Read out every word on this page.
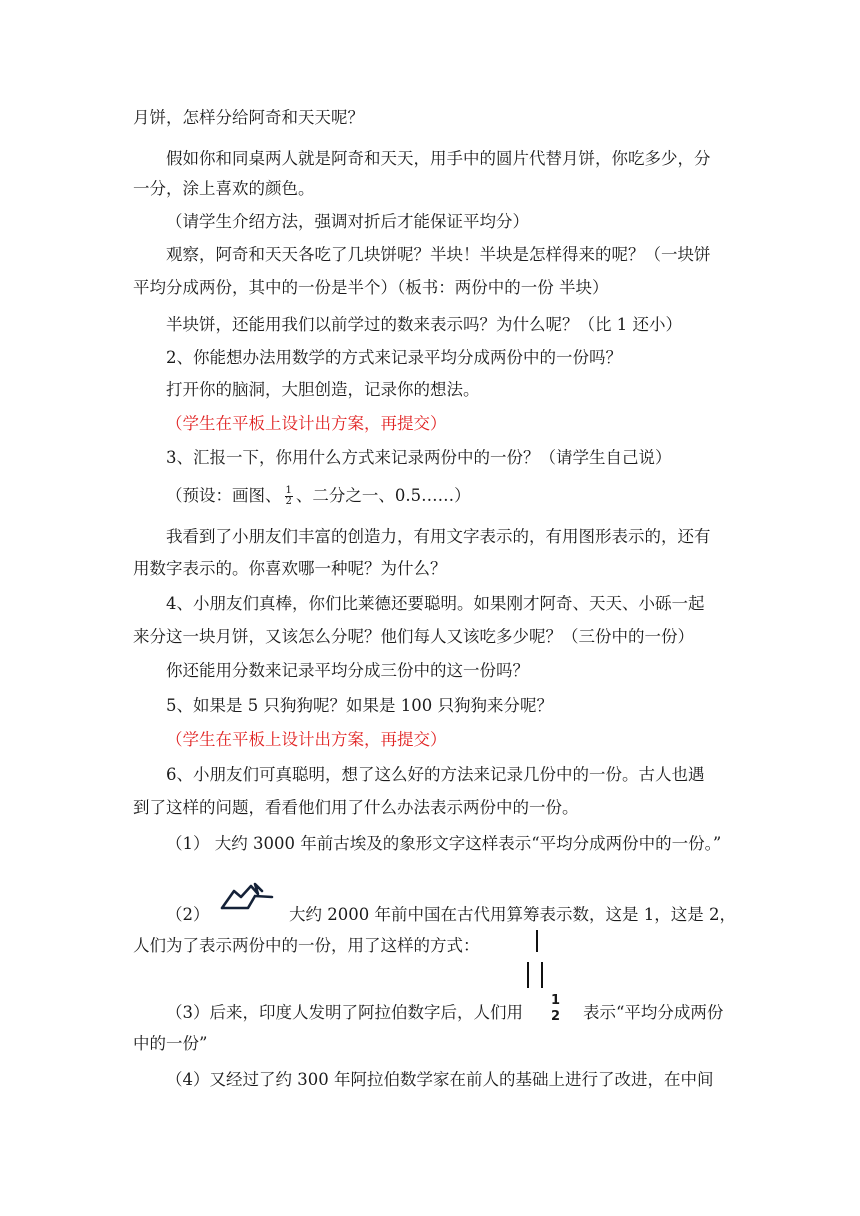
月饼，怎样分给阿奇和天天呢？
假如你和同桌两人就是阿奇和天天，用手中的圆片代替月饼，你吃多少，分
一分，涂上喜欢的颜色。
（请学生介绍方法，强调对折后才能保证平均分）
观察，阿奇和天天各吃了几块饼呢？半块！半块是怎样得来的呢？（一块饼
平均分成两份，其中的一份是半个）（板书：两份中的一份 半块）
半块饼，还能用我们以前学过的数来表示吗？为什么呢？（比 1 还小）
2、你能想办法用数学的方式来记录平均分成两份中的一份吗？
打开你的脑洞，大胆创造，记录你的想法。
（学生在平板上设计出方案，再提交）
3、汇报一下，你用什么方式来记录两份中的一份？（请学生自己说）
（预设：画图、 $\frac{1}{2}$ 、二分之一、0.5……）
我看到了小朋友们丰富的创造力，有用文字表示的，有用图形表示的，还有
用数字表示的。你喜欢哪一种呢？为什么？
4、小朋友们真棒，你们比莱德还要聪明。如果刚才阿奇、天天、小砾一起
来分这一块月饼，又该怎么分呢？他们每人又该吃多少呢？（三份中的一份）
你还能用分数来记录平均分成三份中的这一份吗？
5、如果是 5 只狗狗呢？如果是 100 只狗狗来分呢？
（学生在平板上设计出方案，再提交）
6、小朋友们可真聪明，想了这么好的方法来记录几份中的一份。古人也遇
到了这样的问题，看看他们用了什么办法表示两份中的一份。
（1） 大约 3000 年前古埃及的象形文字这样表示“平均分成两份中的一份。”
（2）	大约 2000 年前中国在古代用算筹表示数，这是 1，这是 2，
人们为了表示两份中的一份，用了这样的方式：
（3）后来，印度人发明了阿拉伯数字后，人们用
1
2 表示“平均分成两份
中的一份”
（4）又经过了约 300 年阿拉伯数学家在前人的基础上进行了改进，在中间
